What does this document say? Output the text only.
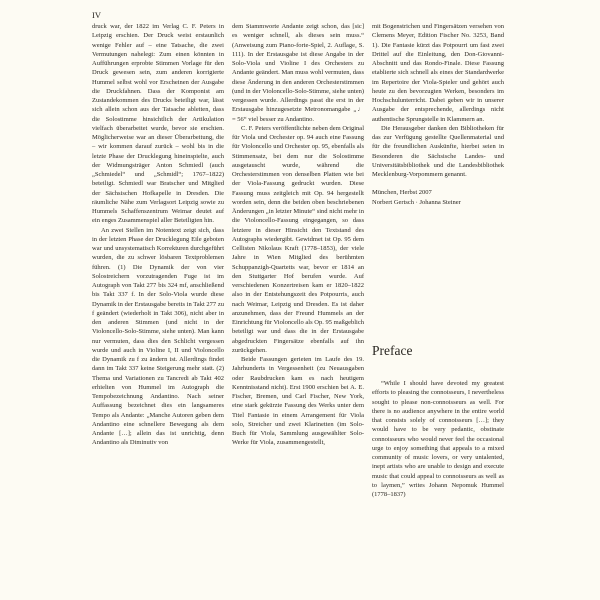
IV

druck war, der 1822 im Verlag C. F. Peters in Leipzig erschien. Der Druck weist erstaunlich wenige Fehler auf – eine Tatsache, die zwei Vermutungen nahelegt: Zum einen könnten in Aufführungen erprobte Stimmen Vorlage für den Druck gewesen sein, zum anderen korrigierte Hummel selbst wohl vor Erscheinen der Ausgabe die Druckfahnen. Dass der Komponist am Zustandekommen des Drucks beteiligt war, lässt sich allein schon aus der Tatsache ableiten, dass die Solostimme hinsichtlich der Artikulation vielfach überarbeitet wurde, bevor sie erschien. Möglicherweise war an dieser Überarbeitung, die – wir kommen darauf zurück – wohl bis in die letzte Phase der Drucklegung hineinspielte, auch der Widmungsträger Anton Schmiedl (auch „Schmiedel“ und „Schmidl“; 1767–1822) beteiligt. Schmiedl war Bratscher und Mitglied der Sächsischen Hofkapelle in Dresden. Die räumliche Nähe zum Verlagsort Leipzig sowie zu Hummels Schaffenszentrum Weimar deutet auf ein enges Zusammenspiel aller Beteiligten hin.

An zwei Stellen im Notentext zeigt sich, dass in der letzten Phase der Drucklegung Eile geboten war und unsystematisch Korrekturen durchgeführt wurden, die zu schwer lösbaren Textproblemen führen. (1) Die Dynamik der von vier Solostreichern vorzutragenden Fuge ist im Autograph von Takt 277 bis 324 mf, anschließend bis Takt 337 f. In der Solo-Viola wurde diese Dynamik in der Erstausgabe bereits in Takt 277 zu f geändert (wiederholt in Takt 306), nicht aber in den anderen Stimmen (und nicht in der Violoncello-Solo-Stimme, siehe unten). Man kann nur vermuten, dass dies den Schlicht vergessen wurde und auch in Violine I, II und Violoncello die Dynamik zu f zu ändern ist. Allerdings findet dann im Takt 337 keine Steigerung mehr statt. (2) Thema und Variationen zu Tancredi ab Takt 402 erhielten von Hummel im Autograph die Tempobezeichnung Andantino. Nach seiner Auffassung bezeichnet dies ein langsameres Tempo als Andante: „Manche Autoren geben dem Andantino eine schnellere Bewegung als dem Andante […]; allein das ist unrichtig, denn Andantino als Diminutiv von

dem Stammworte Andante zeigt schon, das [sic] es weniger schnell, als dieses sein muss.“ (Anweisung zum Piano-forte-Spiel, 2. Auflage, S. 111). In der Erstausgabe ist diese Angabe in der Solo-Viola und Violine I des Orchesters zu Andante geändert. Man muss wohl vermuten, dass diese Änderung in den anderen Orchesterstimmen (und in der Violoncello-Solo-Stimme, siehe unten) vergessen wurde. Allerdings passt die erst in der Erstausgabe hinzugesetzte Metronomangabe „♩ = 56“ viel besser zu Andantino.

C. F. Peters veröffentlichte neben dem Original für Viola und Orchester op. 94 auch eine Fassung für Violoncello und Orchester op. 95, ebenfalls als Stimmensatz, bei dem nur die Solostimme ausgetauscht wurde, während die Orchesterstimmen von denselben Platten wie bei der Viola-Fassung gedruckt wurden. Diese Fassung muss zeitgleich mit Op. 94 hergestellt worden sein, denn die beiden oben beschriebenen Änderungen „in letzter Minute“ sind nicht mehr in die Violoncello-Fassung eingegangen, so dass letztere in dieser Hinsicht den Textstand des Autographs wiedergibt. Gewidmet ist Op. 95 dem Cellisten Nikolaus Kraft (1778–1853), der viele Jahre in Wien Mitglied des berühmten Schuppanzigh-Quartetts war, bevor er 1814 an den Stuttgarter Hof berufen wurde. Auf verschiedenen Konzertreisen kam er 1820–1822 also in der Entstehungszeit des Potpourris, auch nach Weimar, Leipzig und Dresden. Es ist daher anzunehmen, dass der Freund Hummels an der Einrichtung für Violoncello als Op. 95 maßgeblich beteiligt war und dass die in der Erstausgabe abgedruckten Fingersätze ebenfalls auf ihn zurückgehen.

Beide Fassungen gerieten im Laufe des 19. Jahrhunderts in Vergessenheit (zu Neuausgaben oder Raubdrucken kam es nach heutigem Kenntnisstand nicht). Erst 1900 erschien bei A. E. Fischer, Bremen, und Carl Fischer, New York, eine stark gekürzte Fassung des Werks unter dem Titel Fantasie in einem Arrangement für Viola solo, Streicher und zwei Klarinetten (im Solo-Buch für Viola, Sammlung ausgewählter Solo-Werke für Viola, zusammengestellt,

mit Bogenstrichen und Fingersätzen versehen von Clemens Meyer, Edition Fischer No. 3253, Band 1). Die Fantasie kürzt das Potpourri um fast zwei Drittel auf die Einleitung, den Don-Giovanni-Abschnitt und das Rondo-Finale. Diese Fassung etablierte sich schnell als eines der Standardwerke im Repertoire der Viola-Spieler und gehört auch heute zu den bevorzugten Werken, besonders im Hochschulunterricht. Dabei geben wir in unserer Ausgabe der entsprechende, allerdings nicht authentische Sprungstelle in Klammern an.

Die Herausgeber danken den Bibliotheken für das zur Verfügung gestellte Quellenmaterial und für die freundlichen Auskünfte, hierbei seien in Besonderen die Sächsische Landes- und Universitätsbibliothek und die Landesbibliothek Mecklenburg-Vorpommern genannt.

München, Herbst 2007

Norbert Gertsch · Johanna Steiner

Preface

“While I should have devoted my greatest efforts to pleasing the connoisseurs, I nevertheless sought to please non-connoisseurs as well. For there is no audience anywhere in the entire world that consists solely of connoisseurs […]; they would have to be very pedantic, obstinate connoisseurs who would never feel the occasional urge to enjoy something that appeals to a mixed community of music lovers, or very untalented, inept artists who are unable to design and execute music that could appeal to connoisseurs as well as to laymen,” writes Johann Nepomuk Hummel (1778–1837)
